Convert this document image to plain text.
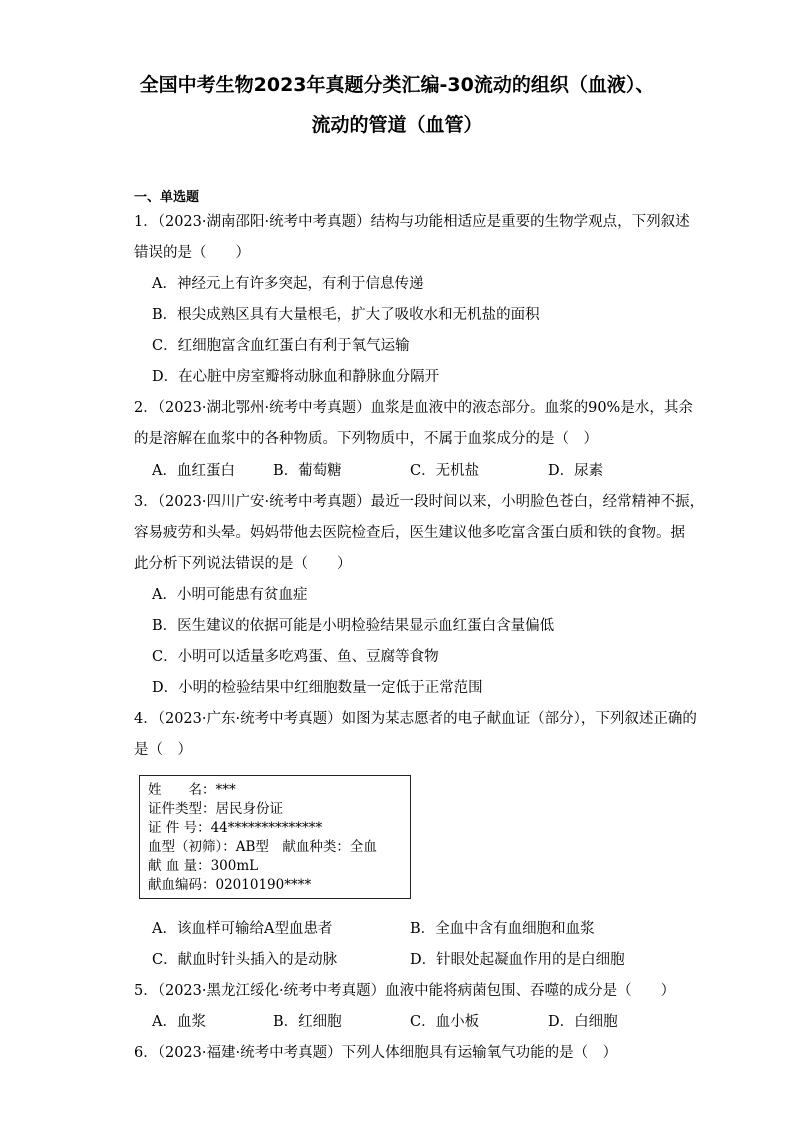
全国中考生物2023年真题分类汇编-30流动的组织（血液）、
流动的管道（血管）
一、单选题
1．（2023·湖南邵阳·统考中考真题）结构与功能相适应是重要的生物学观点，下列叙述
错误的是（　　）
A．神经元上有许多突起，有利于信息传递
B．根尖成熟区具有大量根毛，扩大了吸收水和无机盐的面积
C．红细胞富含血红蛋白有利于氧气运输
D．在心脏中房室瓣将动脉血和静脉血分隔开
2．（2023·湖北鄂州·统考中考真题）血浆是血液中的液态部分。血浆的90%是水，其余
的是溶解在血浆中的各种物质。下列物质中，不属于血浆成分的是（　）
A．血红蛋白	B．葡萄糖	C．无机盐	D．尿素
3．（2023·四川广安·统考中考真题）最近一段时间以来，小明脸色苍白，经常精神不振，
容易疲劳和头晕。妈妈带他去医院检查后，医生建议他多吃富含蛋白质和铁的食物。据
此分析下列说法错误的是（　　）
A．小明可能患有贫血症
B．医生建议的依据可能是小明检验结果显示血红蛋白含量偏低
C．小明可以适量多吃鸡蛋、鱼、豆腐等食物
D．小明的检验结果中红细胞数量一定低于正常范围
4．（2023·广东·统考中考真题）如图为某志愿者的电子献血证（部分），下列叙述正确的
是（　）
姓　　名：***
证件类型：居民身份证
证 件 号：44**************
血型（初筛）：AB型　献血种类：全血
献 血 量：300mL
献血编码：02010190****
A．该血样可输给A型血患者	B．全血中含有血细胞和血浆
C．献血时针头插入的是动脉	D．针眼处起凝血作用的是白细胞
5．（2023·黑龙江绥化·统考中考真题）血液中能将病菌包围、吞噬的成分是（　　）
A．血浆	B．红细胞	C．血小板	D．白细胞
6．（2023·福建·统考中考真题）下列人体细胞具有运输氧气功能的是（　）
